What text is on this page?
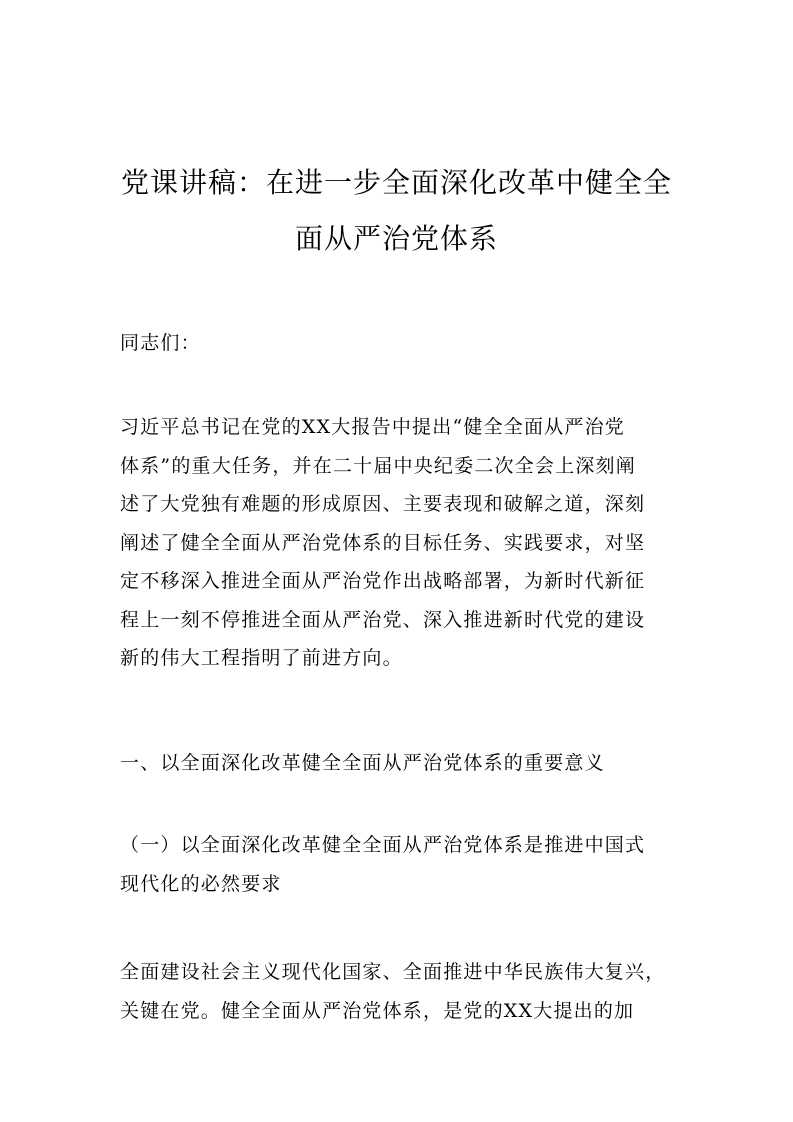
党课讲稿：在进一步全面深化改革中健全全
面从严治党体系

同志们：

习近平总书记在党的XX大报告中提出“健全全面从严治党
体系”的重大任务，并在二十届中央纪委二次全会上深刻阐
述了大党独有难题的形成原因、主要表现和破解之道，深刻
阐述了健全全面从严治党体系的目标任务、实践要求，对坚
定不移深入推进全面从严治党作出战略部署，为新时代新征
程上一刻不停推进全面从严治党、深入推进新时代党的建设
新的伟大工程指明了前进方向。

一、以全面深化改革健全全面从严治党体系的重要意义

（一）以全面深化改革健全全面从严治党体系是推进中国式
现代化的必然要求

全面建设社会主义现代化国家、全面推进中华民族伟大复兴，
关键在党。健全全面从严治党体系，是党的XX大提出的加
